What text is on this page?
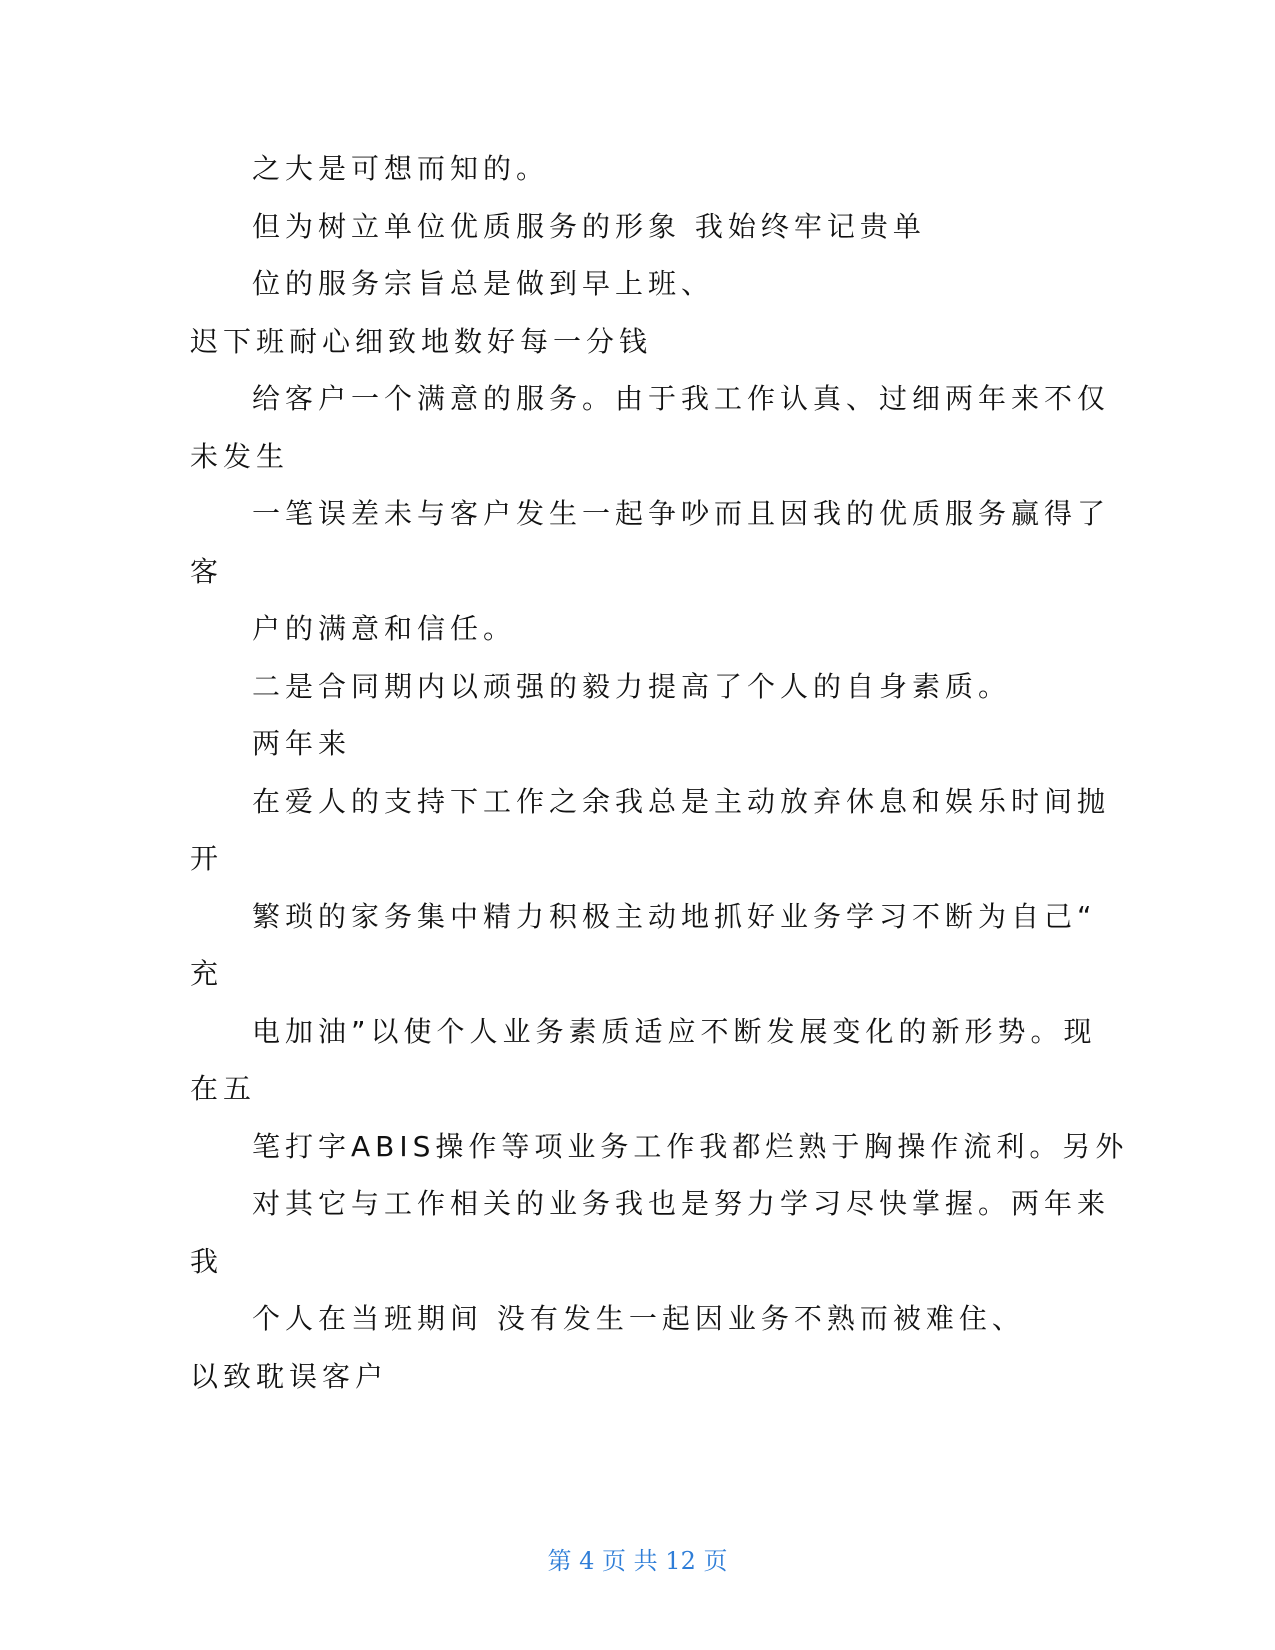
之大是可想而知的。
但为树立单位优质服务的形象 我始终牢记贵单
位的服务宗旨总是做到早上班、
迟下班耐心细致地数好每一分钱
给客户一个满意的服务。由于我工作认真、过细两年来不仅
未发生
一笔误差未与客户发生一起争吵而且因我的优质服务赢得了
客
户的满意和信任。
二是合同期内以顽强的毅力提高了个人的自身素质。
两年来
在爱人的支持下工作之余我总是主动放弃休息和娱乐时间抛
开
繁琐的家务集中精力积极主动地抓好业务学习不断为自己“
充
电加油”以使个人业务素质适应不断发展变化的新形势。现
在五
笔打字ABIS操作等项业务工作我都烂熟于胸操作流利。另外
对其它与工作相关的业务我也是努力学习尽快掌握。两年来
我
个人在当班期间 没有发生一起因业务不熟而被难住、
以致耽误客户
第 4 页 共 12 页
